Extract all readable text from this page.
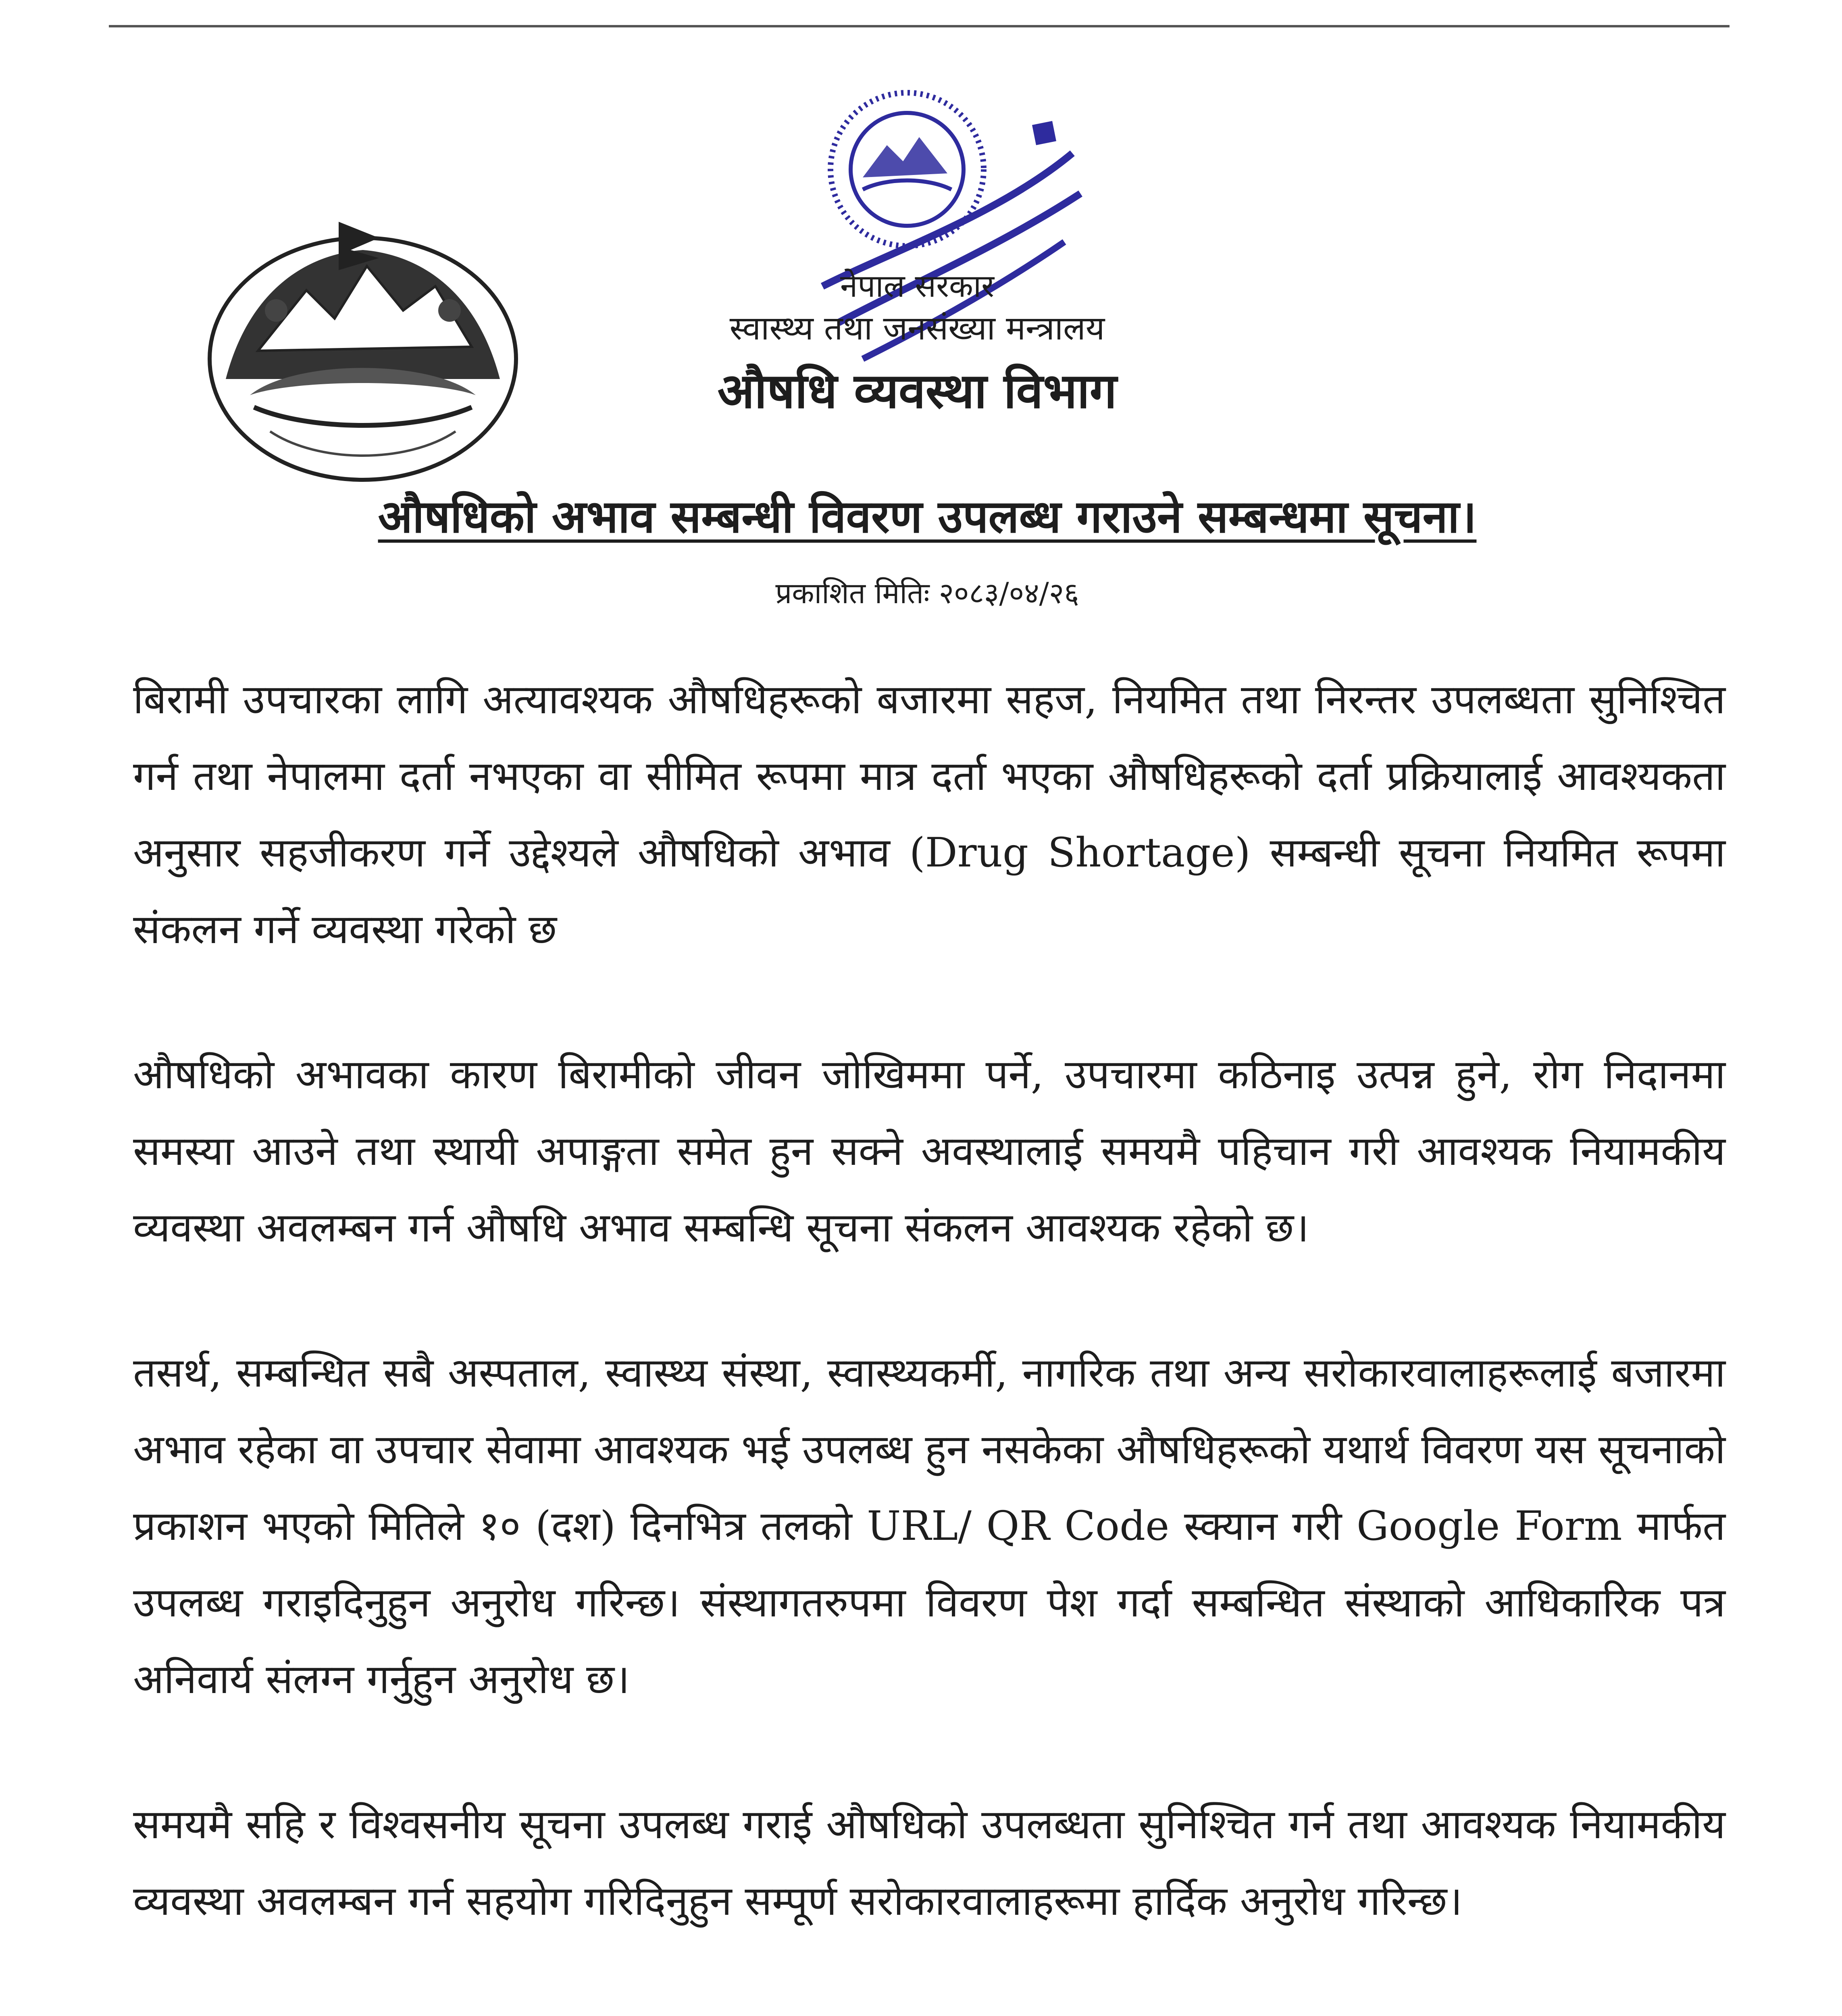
नेपाल सरकार
स्वास्थ्य तथा जनसंख्या मन्त्रालय
औषधि व्यवस्था विभाग
औषधिको अभाव सम्बन्धी विवरण उपलब्ध गराउने सम्बन्धमा सूचना।
प्रकाशित मितिः २०८३/०४/२६

बिरामी उपचारका लागि अत्यावश्यक औषधिहरूको बजारमा सहज, नियमित तथा निरन्तर उपलब्धता सुनिश्चित गर्न तथा नेपालमा दर्ता नभएका वा सीमित रूपमा मात्र दर्ता भएका औषधिहरूको दर्ता प्रक्रियालाई आवश्यकता अनुसार सहजीकरण गर्ने उद्देश्यले औषधिको अभाव (Drug Shortage) सम्बन्धी सूचना नियमित रूपमा संकलन गर्ने व्यवस्था गरेको छ

औषधिको अभावका कारण बिरामीको जीवन जोखिममा पर्ने, उपचारमा कठिनाइ उत्पन्न हुने, रोग निदानमा समस्या आउने तथा स्थायी अपाङ्गता समेत हुन सक्ने अवस्थालाई समयमै पहिचान गरी आवश्यक नियामकीय व्यवस्था अवलम्बन गर्न औषधि अभाव सम्बन्धि सूचना संकलन आवश्यक रहेको छ।

तसर्थ, सम्बन्धित सबै अस्पताल, स्वास्थ्य संस्था, स्वास्थ्यकर्मी, नागरिक तथा अन्य सरोकारवालाहरूलाई बजारमा अभाव रहेका वा उपचार सेवामा आवश्यक भई उपलब्ध हुन नसकेका औषधिहरूको यथार्थ विवरण यस सूचनाको प्रकाशन भएको मितिले १० (दश) दिनभित्र तलको URL/ QR Code स्क्यान गरी Google Form मार्फत उपलब्ध गराइदिनुहुन अनुरोध गरिन्छ। संस्थागतरुपमा विवरण पेश गर्दा सम्बन्धित संस्थाको आधिकारिक पत्र अनिवार्य संलग्न गर्नुहुन अनुरोध छ।

समयमै सहि र विश्वसनीय सूचना उपलब्ध गराई औषधिको उपलब्धता सुनिश्चित गर्न तथा आवश्यक नियामकीय व्यवस्था अवलम्बन गर्न सहयोग गरिदिनुहुन सम्पूर्ण सरोकारवालाहरूमा हार्दिक अनुरोध गरिन्छ।
